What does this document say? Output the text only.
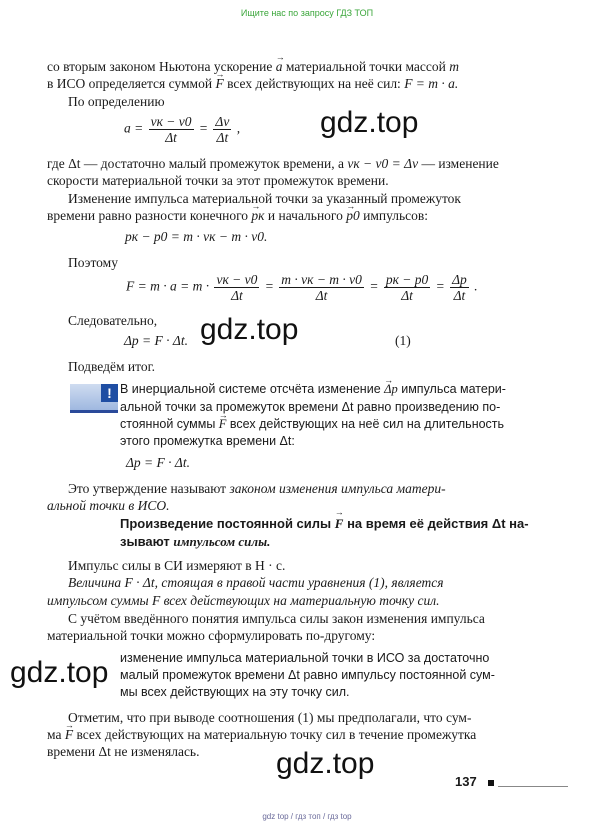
Ищите нас по запросу ГДЗ ТОП
со вторым законом Ньютона ускорение → a материальной точки массой m
в ИСО определяется суммой → F всех действующих на неё сил: F = m · a.
По определению
$a = \frac{vк - v0}{\Delta t} = \frac{\Delta v}{\Delta t}$ ,
где Δt — достаточно малый промежуток времени, а vк − v0 = Δv — изменение
скорости материальной точки за этот промежуток времени.
Изменение импульса материальной точки за указанный промежуток
времени равно разности конечного → pк и начального → p0 импульсов:
pк − p0 = m · vк − m · v0.
Поэтому
$F = m \cdot a = m \cdot \frac{vк - v0}{\Delta t} = \frac{m \cdot vк - m \cdot v0}{\Delta t} = \frac{pк - p0}{\Delta t} = \frac{\Delta p}{\Delta t}$ .
Следовательно,
Δp = F · Δt.	(1)
Подведём итог.
! В инерциальной системе отсчёта изменение → Δp импульса матери-
альной точки за промежуток времени Δt равно произведению по-
стоянной суммы → F всех действующих на неё сил на длительность
этого промежутка времени Δt:
Δp = F · Δt.
Это утверждение называют законом изменения импульса матери-
альной точки в ИСО.
Произведение постоянной силы → F на время её действия Δt на-
зывают импульсом силы.
Импульс силы в СИ измеряют в Н · с.
Величина F · Δt, стоящая в правой части уравнения (1), является
импульсом суммы F всех действующих на материальную точку сил.
С учётом введённого понятия импульса силы закон изменения импульса
материальной точки можно сформулировать по-другому:
изменение импульса материальной точки в ИСО за достаточно
малый промежуток времени Δt равно импульсу постоянной сум-
мы всех действующих на эту точку сил.
Отметим, что при выводе соотношения (1) мы предполагали, что сум-
ма → F всех действующих на материальную точку сил в течение промежутка
времени Δt не изменялась.
gdz.top
gdz.top
gdz.top
gdz.top
137
gdz top / гдз топ / гдз top
